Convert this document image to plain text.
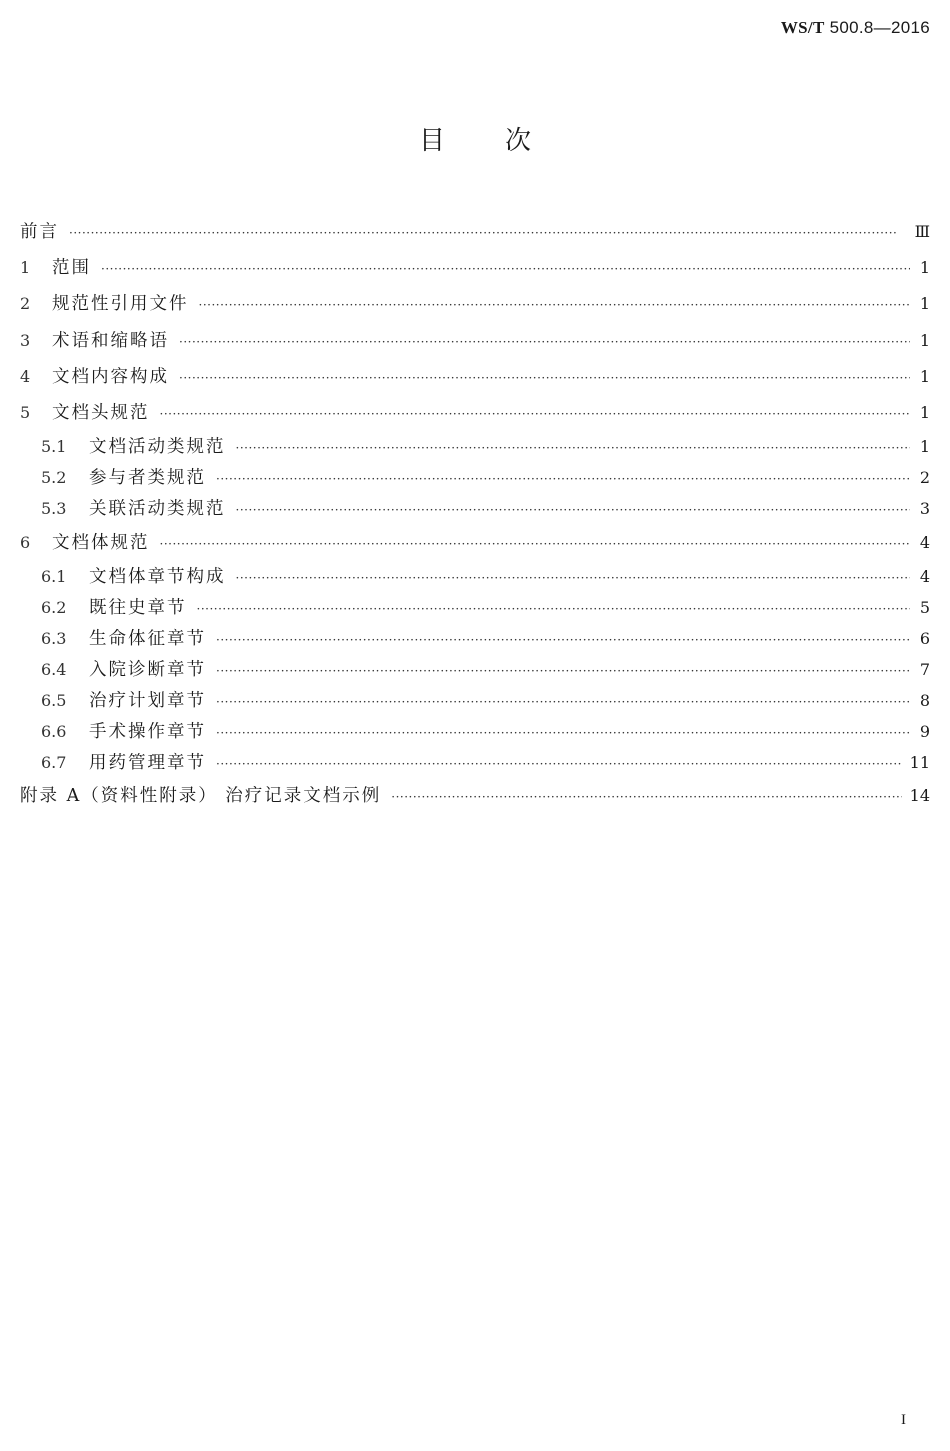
WS/T 500.8—2016
目次
前言 ·····	Ⅲ
1	范围 ·····	1
2	规范性引用文件 ·····	1
3	术语和缩略语 ·····	1
4	文档内容构成 ·····	1
5	文档头规范 ·····	1
5.1	文档活动类规范 ·····	1
5.2	参与者类规范 ·····	2
5.3	关联活动类规范 ·····	3
6	文档体规范 ·····	4
6.1	文档体章节构成 ·····	4
6.2	既往史章节 ·····	5
6.3	生命体征章节 ·····	6
6.4	入院诊断章节 ·····	7
6.5	治疗计划章节 ·····	8
6.6	手术操作章节 ·····	9
6.7	用药管理章节 ·····	11
附录 A（资料性附录） 治疗记录文档示例 ·····	14
I
